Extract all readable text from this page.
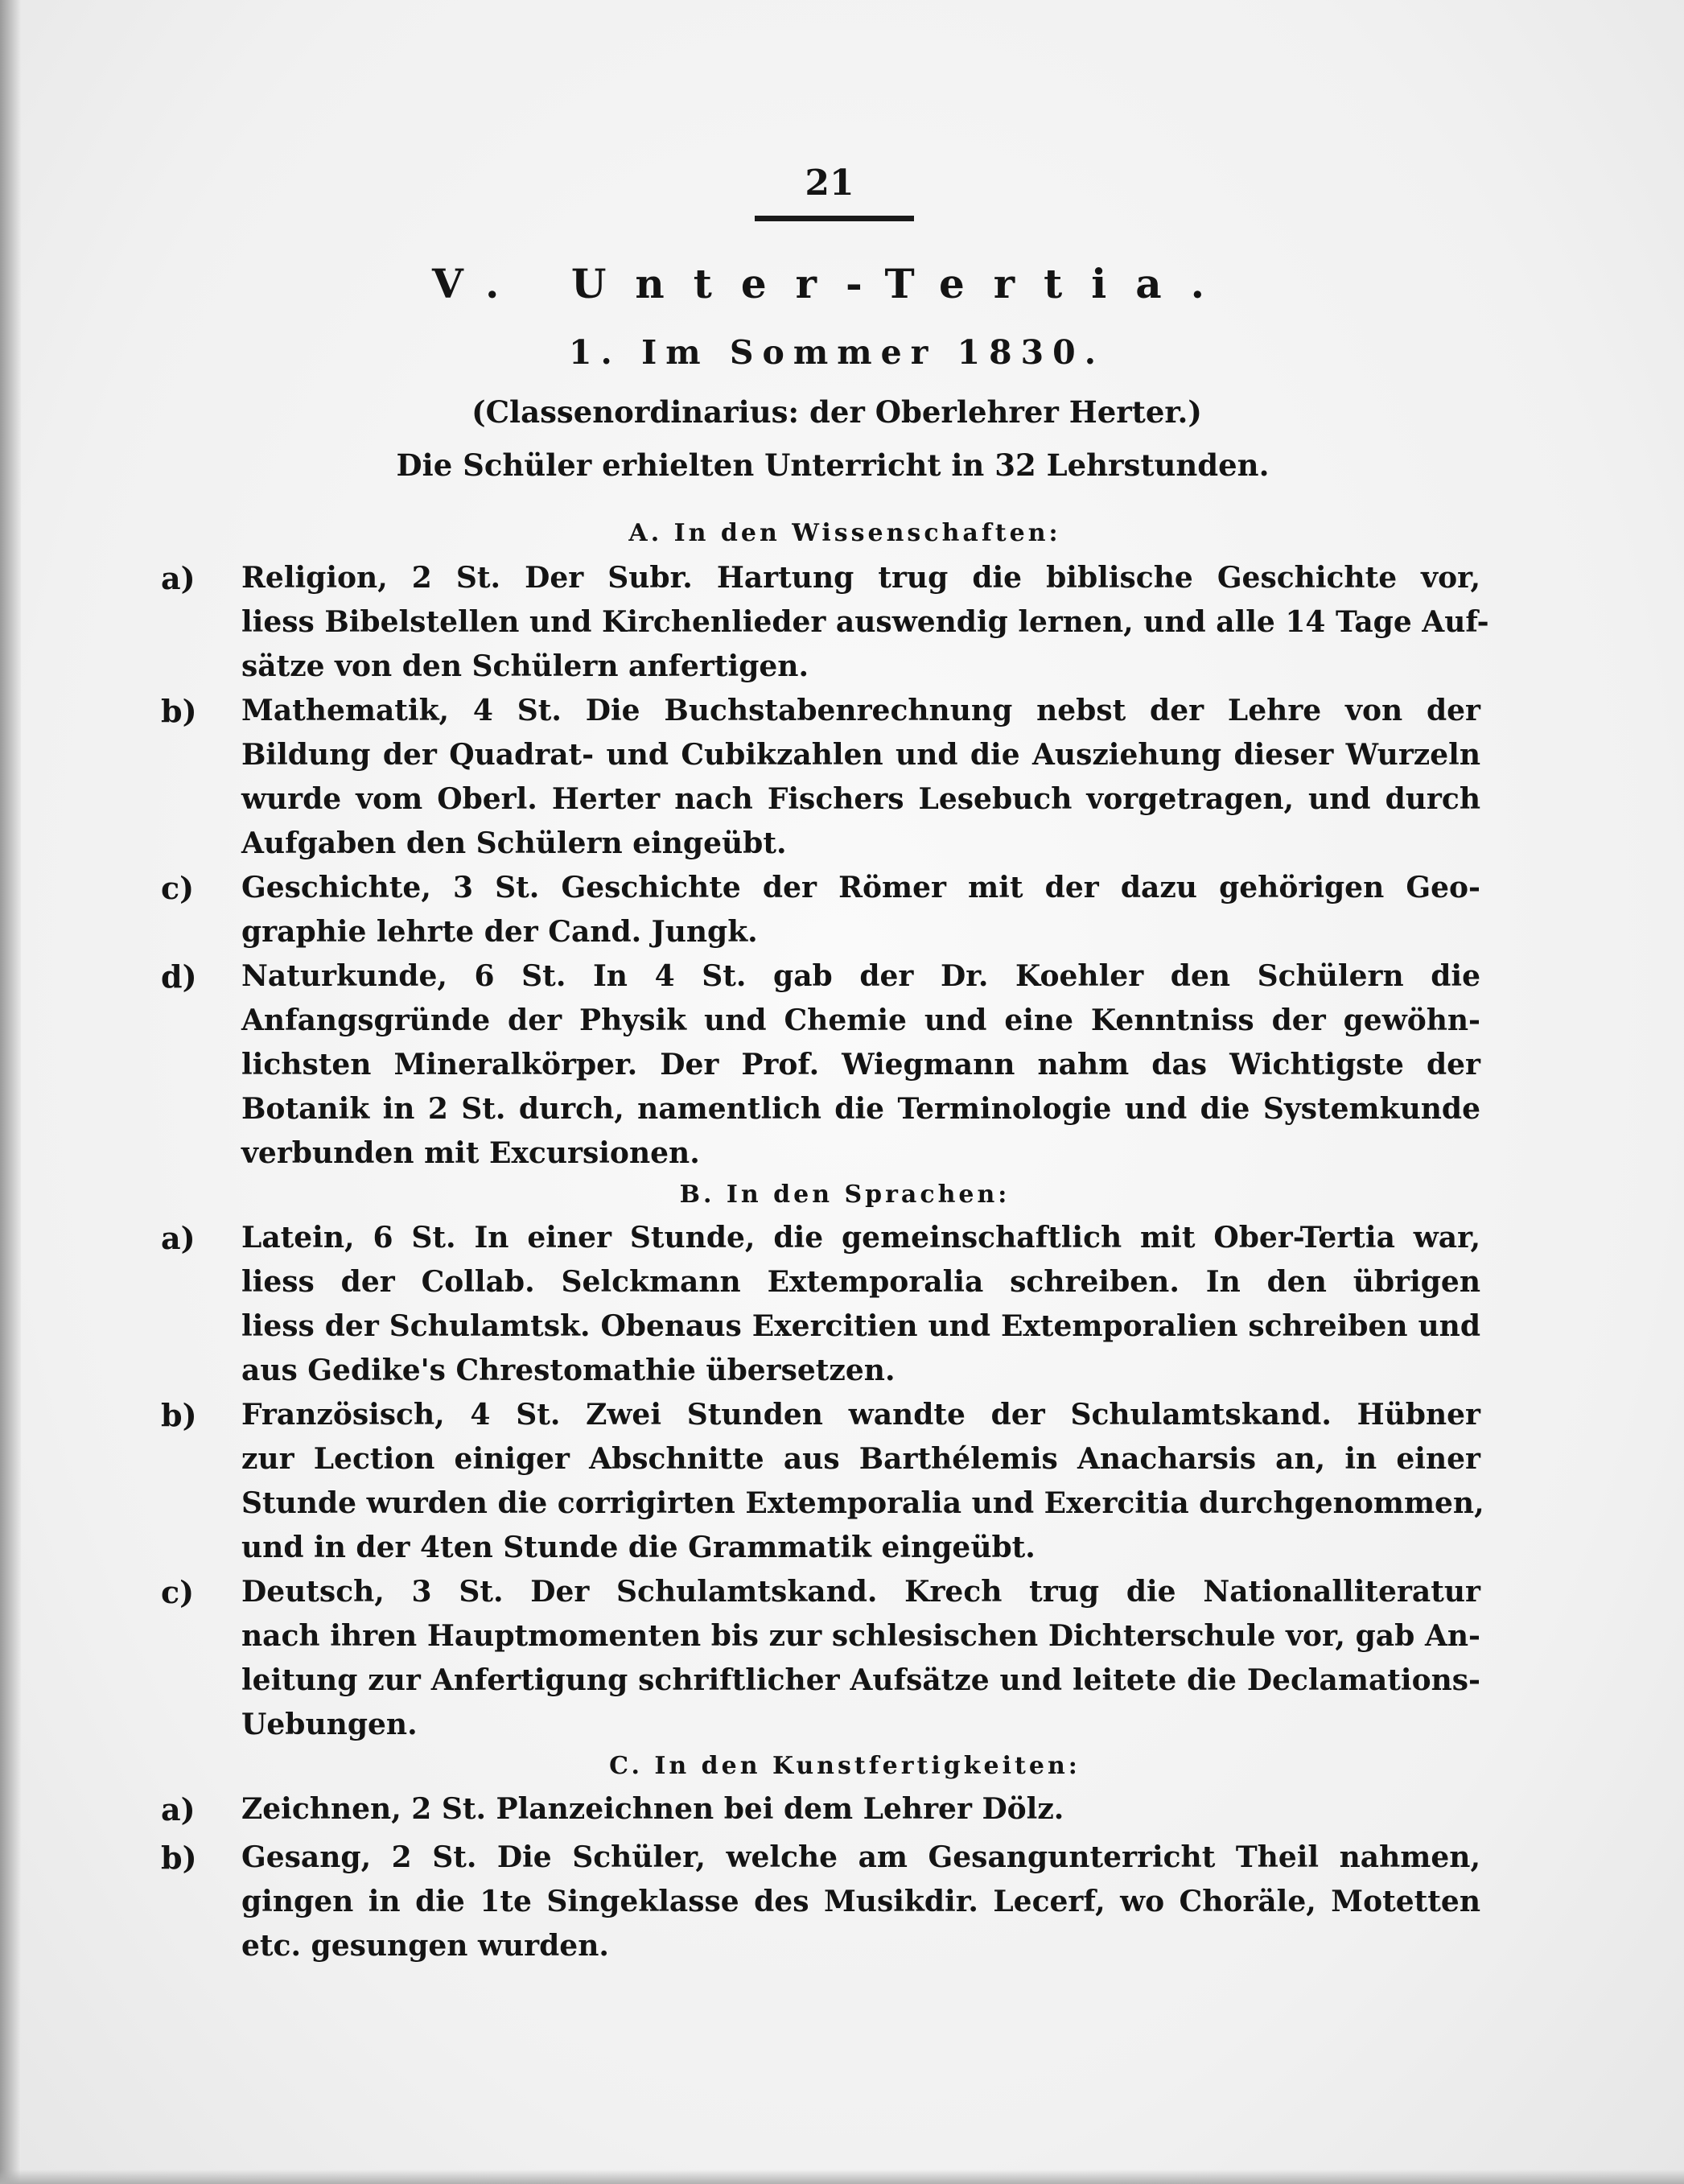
21
V. Unter-Tertia.
1. Im Sommer 1830.
(Classenordinarius: der Oberlehrer Herter.)
Die Schüler erhielten Unterricht in 32 Lehrstunden.
A. In den Wissenschaften:
a) Religion, 2 St. Der Subr. Hartung trug die biblische Geschichte vor,
liess Bibelstellen und Kirchenlieder auswendig lernen, und alle 14 Tage Auf-
sätze von den Schülern anfertigen.
b) Mathematik, 4 St. Die Buchstabenrechnung nebst der Lehre von der
Bildung der Quadrat- und Cubikzahlen und die Ausziehung dieser Wurzeln
wurde vom Oberl. Herter nach Fischers Lesebuch vorgetragen, und durch
Aufgaben den Schülern eingeübt.
c) Geschichte, 3 St. Geschichte der Römer mit der dazu gehörigen Geo-
graphie lehrte der Cand. Jungk.
d) Naturkunde, 6 St. In 4 St. gab der Dr. Koehler den Schülern die
Anfangsgründe der Physik und Chemie und eine Kenntniss der gewöhn-
lichsten Mineralkörper. Der Prof. Wiegmann nahm das Wichtigste der
Botanik in 2 St. durch, namentlich die Terminologie und die Systemkunde
verbunden mit Excursionen.
B. In den Sprachen:
a) Latein, 6 St. In einer Stunde, die gemeinschaftlich mit Ober-Tertia war,
liess der Collab. Selckmann Extemporalia schreiben. In den übrigen
liess der Schulamtsk. Obenaus Exercitien und Extemporalien schreiben und
aus Gedike's Chrestomathie übersetzen.
b) Französisch, 4 St. Zwei Stunden wandte der Schulamtskand. Hübner
zur Lection einiger Abschnitte aus Barthélemis Anacharsis an, in einer
Stunde wurden die corrigirten Extemporalia und Exercitia durchgenommen,
und in der 4ten Stunde die Grammatik eingeübt.
c) Deutsch, 3 St. Der Schulamtskand. Krech trug die Nationalliteratur
nach ihren Hauptmomenten bis zur schlesischen Dichterschule vor, gab An-
leitung zur Anfertigung schriftlicher Aufsätze und leitete die Declamations-
Uebungen.
C. In den Kunstfertigkeiten:
a) Zeichnen, 2 St. Planzeichnen bei dem Lehrer Dölz.
b) Gesang, 2 St. Die Schüler, welche am Gesangunterricht Theil nahmen,
gingen in die 1te Singeklasse des Musikdir. Lecerf, wo Choräle, Motetten
etc. gesungen wurden.
